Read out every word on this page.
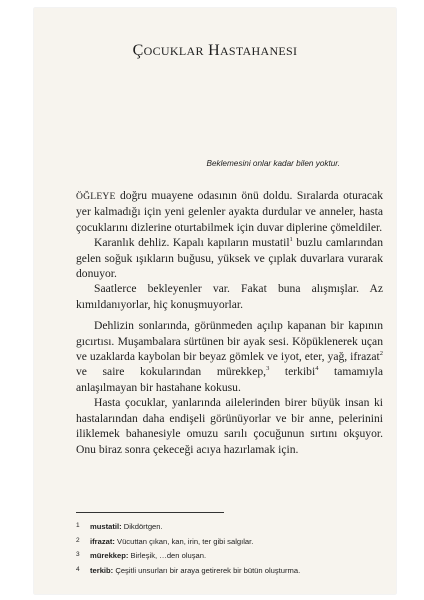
ÇOCUKLAR HASTAHANESI
Beklemesini onlar kadar bilen yoktur.

ÖĞLEYE doğru muayene odasının önü doldu. Sıralarda oturacak yer kalmadığı için yeni gelenler ayakta durdular ve anneler, hasta çocuklarını dizlerine oturtabilmek için duvar diplerine çömeldiler.

Karanlık dehliz. Kapalı kapıların mustatil$^1$ buzlu camlarından gelen soğuk ışıkların buğusu, yüksek ve çıplak duvarlara vurarak donuyor.

Saatlerce bekleyenler var. Fakat buna alışmışlar. Az kımıldanıyorlar, hiç konuşmuyorlar.

Dehlizin sonlarında, görünmeden açılıp kapanan bir kapının gıcırtısı. Muşambalara sürtünen bir ayak sesi. Köpüklenerek uçan ve uzaklarda kaybolan bir beyaz gömlek ve iyot, eter, yağ, ifrazat$^2$ ve saire kokularından mürekkep,$^3$ terkibi$^4$ tamamıyla anlaşılmayan bir hastahane kokusu.

Hasta çocuklar, yanlarında ailelerinden birer büyük insan ki hastalarından daha endişeli görünüyorlar ve bir anne, pelerinini iliklemek bahanesiyle omuzu sarılı çocuğunun sırtını okşuyor. Onu biraz sonra çekeceği acıya hazırlamak için.

1 mustatil: Dikdörtgen.
2 ifrazat: Vücuttan çıkan, kan, irin, ter gibi salgılar.
3 mürekkep: Birleşik, …den oluşan.
4 terkib: Çeşitli unsurları bir araya getirerek bir bütün oluşturma.
